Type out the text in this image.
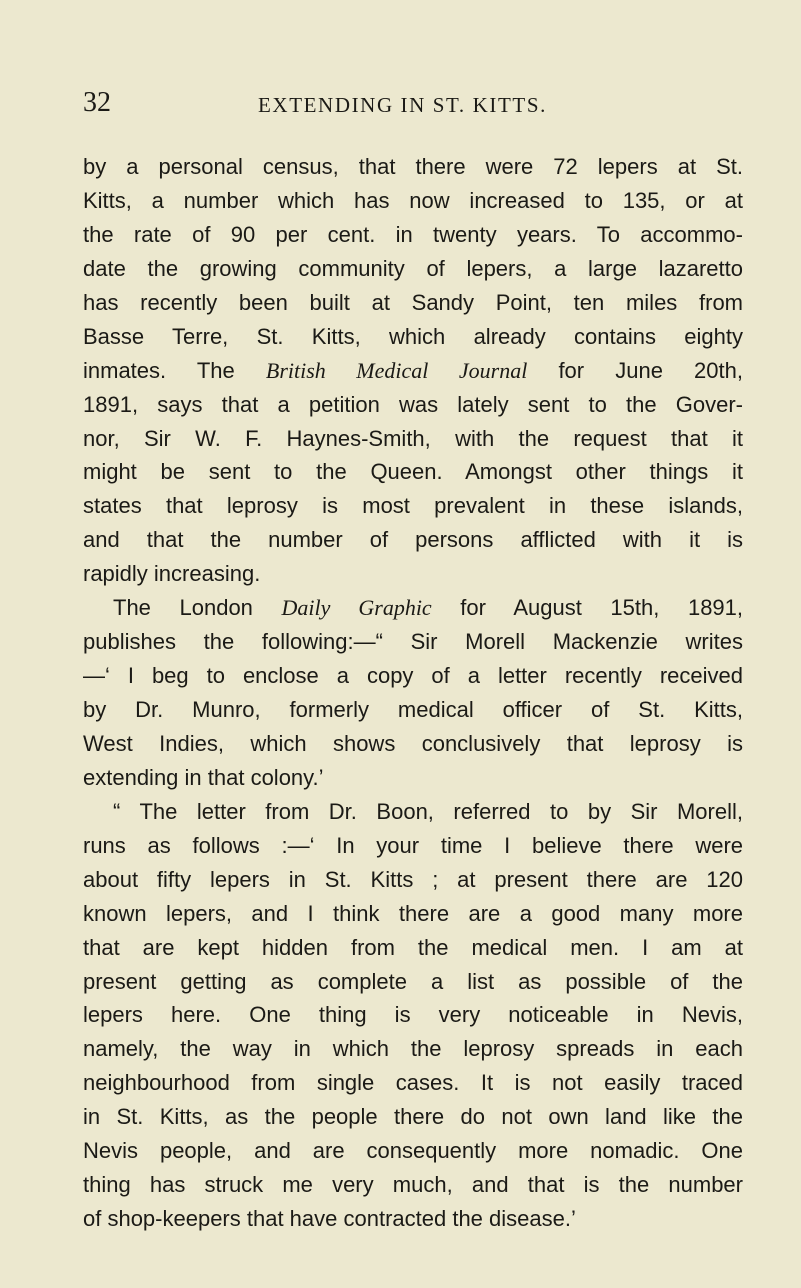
32	EXTENDING IN ST. KITTS.
by a personal census, that there were 72 lepers at St.
Kitts, a number which has now increased to 135, or at
the rate of 90 per cent. in twenty years. To accommo-
date the growing community of lepers, a large lazaretto
has recently been built at Sandy Point, ten miles from
Basse Terre, St. Kitts, which already contains eighty
inmates. The British Medical Journal for June 20th,
1891, says that a petition was lately sent to the Gover-
nor, Sir W. F. Haynes-Smith, with the request that it
might be sent to the Queen. Amongst other things it
states that leprosy is most prevalent in these islands,
and that the number of persons afflicted with it is
rapidly increasing.
The London Daily Graphic for August 15th, 1891,
publishes the following:—“ Sir Morell Mackenzie writes
—‘ I beg to enclose a copy of a letter recently received
by Dr. Munro, formerly medical officer of St. Kitts,
West Indies, which shows conclusively that leprosy is
extending in that colony.’
“ The letter from Dr. Boon, referred to by Sir Morell,
runs as follows :—‘ In your time I believe there were
about fifty lepers in St. Kitts ; at present there are 120
known lepers, and I think there are a good many more
that are kept hidden from the medical men. I am at
present getting as complete a list as possible of the
lepers here. One thing is very noticeable in Nevis,
namely, the way in which the leprosy spreads in each
neighbourhood from single cases. It is not easily traced
in St. Kitts, as the people there do not own land like the
Nevis people, and are consequently more nomadic. One
thing has struck me very much, and that is the number
of shop-keepers that have contracted the disease.’
